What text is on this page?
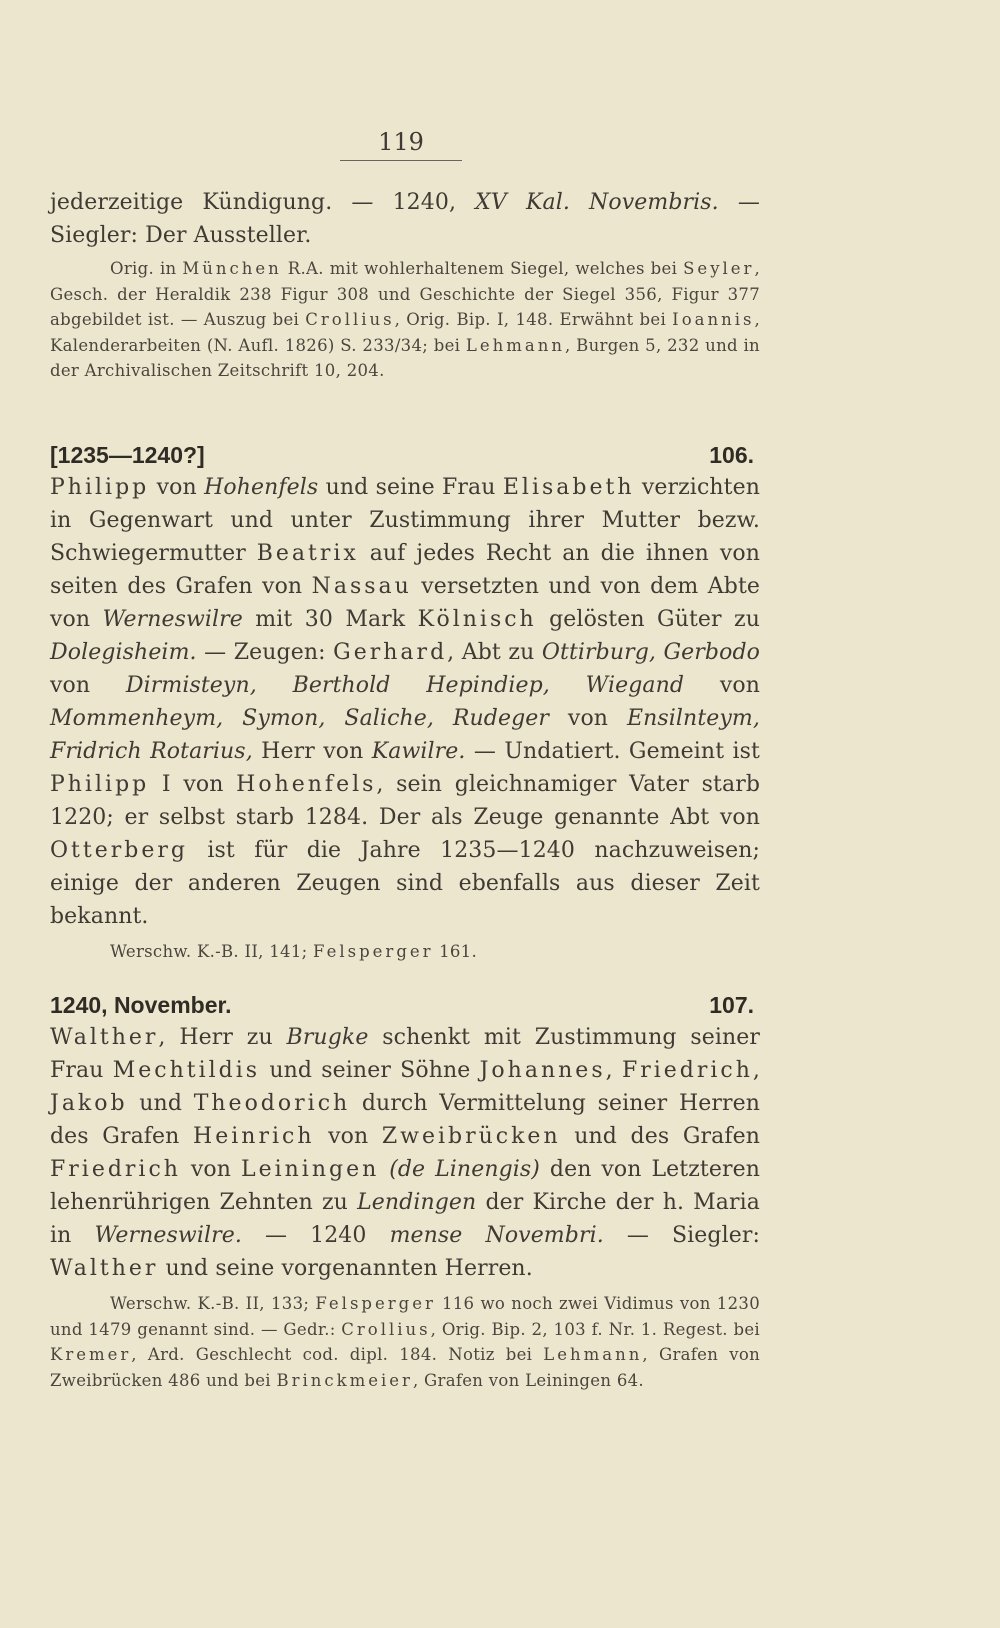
119

jederzeitige Kündigung. — 1240, XV Kal. Novembris. — Siegler: Der Aussteller.

Orig. in München R.A. mit wohlerhaltenem Siegel, welches bei Seyler, Gesch. der Heraldik 238 Figur 308 und Geschichte der Siegel 356, Figur 377 abgebildet ist. — Auszug bei Crollius, Orig. Bip. I, 148. Erwähnt bei Ioannis, Kalenderarbeiten (N. Aufl. 1826) S. 233/34; bei Lehmann, Burgen 5, 232 und in der Archivalischen Zeitschrift 10, 204.

[1235—1240?]	106.

Philipp von Hohenfels und seine Frau Elisabeth verzichten in Gegenwart und unter Zustimmung ihrer Mutter bezw. Schwiegermutter Beatrix auf jedes Recht an die ihnen von seiten des Grafen von Nassau versetzten und von dem Abte von Werneswilre mit 30 Mark Kölnisch gelösten Güter zu Dolegisheim. — Zeugen: Gerhard, Abt zu Ottirburg, Gerbodo von Dirmisteyn, Berthold Hepindiep, Wiegand von Mommenheym, Symon, Saliche, Rudeger von Ensilnteym, Fridrich Rotarius, Herr von Kawilre. — Undatiert. Gemeint ist Philipp I von Hohenfels, sein gleichnamiger Vater starb 1220; er selbst starb 1284. Der als Zeuge genannte Abt von Otterberg ist für die Jahre 1235—1240 nachzuweisen; einige der anderen Zeugen sind ebenfalls aus dieser Zeit bekannt.

Werschw. K.-B. II, 141; Felsperger 161.

1240, November.	107.

Walther, Herr zu Brugke schenkt mit Zustimmung seiner Frau Mechtildis und seiner Söhne Johannes, Friedrich, Jakob und Theodorich durch Vermittelung seiner Herren des Grafen Heinrich von Zweibrücken und des Grafen Friedrich von Leiningen (de Linengis) den von Letzteren lehenrührigen Zehnten zu Lendingen der Kirche der h. Maria in Werneswilre. — 1240 mense Novembri. — Siegler: Walther und seine vorgenannten Herren.

Werschw. K.-B. II, 133; Felsperger 116 wo noch zwei Vidimus von 1230 und 1479 genannt sind. — Gedr.: Crollius, Orig. Bip. 2, 103 f. Nr. 1. Regest. bei Kremer, Ard. Geschlecht cod. dipl. 184. Notiz bei Lehmann, Grafen von Zweibrücken 486 und bei Brinckmeier, Grafen von Leiningen 64.
